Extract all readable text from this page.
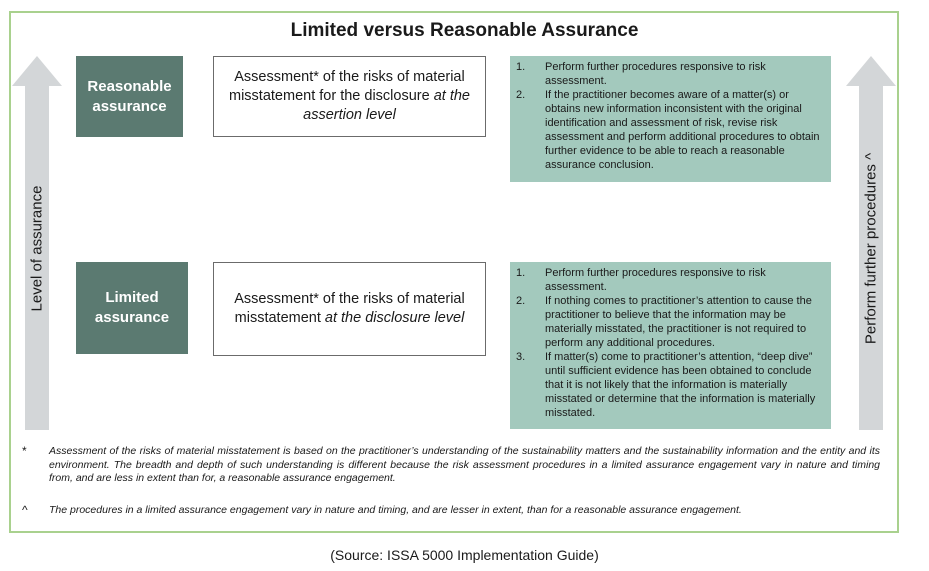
Limited versus Reasonable Assurance
Level of assurance	Perform further procedures ^
Reasonable
assurance
Assessment* of the risks of material misstatement for the disclosure at the assertion level
1. Perform further procedures responsive to risk assessment.
2. If the practitioner becomes aware of a matter(s) or obtains new information inconsistent with the original identification and assessment of risk, revise risk assessment and perform additional procedures to obtain further evidence to be able to reach a reasonable assurance conclusion.
Limited
assurance
Assessment* of the risks of material misstatement at the disclosure level
1. Perform further procedures responsive to risk assessment.
2. If nothing comes to practitioner’s attention to cause the practitioner to believe that the information may be materially misstated, the practitioner is not required to perform any additional procedures.
3. If matter(s) come to practitioner’s attention, “deep dive” until sufficient evidence has been obtained to conclude that it is not likely that the information is materially misstated or determine that the information is materially misstated.
* Assessment of the risks of material misstatement is based on the practitioner’s understanding of the sustainability matters and the sustainability information and the entity and its environment. The breadth and depth of such understanding is different because the risk assessment procedures in a limited assurance engagement vary in nature and timing from, and are less in extent than for, a reasonable assurance engagement.
^ The procedures in a limited assurance engagement vary in nature and timing, and are lesser in extent, than for a reasonable assurance engagement.
(Source: ISSA 5000 Implementation Guide)
